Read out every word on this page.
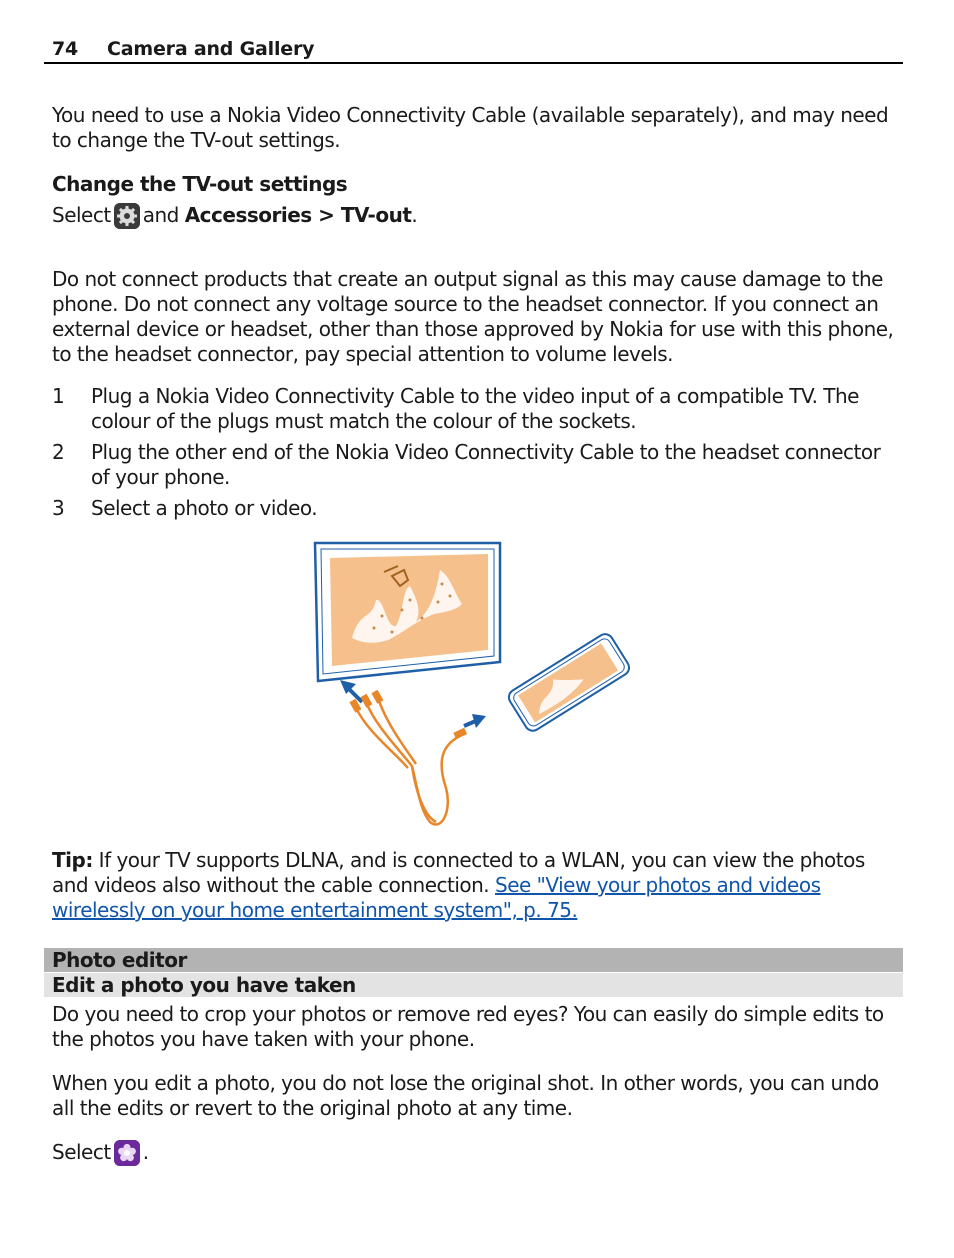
74 Camera and Gallery

You need to use a Nokia Video Connectivity Cable (available separately), and may need to change the TV-out settings.

Change the TV-out settings

Select and Accessories > TV-out.

Do not connect products that create an output signal as this may cause damage to the phone. Do not connect any voltage source to the headset connector. If you connect an external device or headset, other than those approved by Nokia for use with this phone, to the headset connector, pay special attention to volume levels.

1 Plug a Nokia Video Connectivity Cable to the video input of a compatible TV. The colour of the plugs must match the colour of the sockets.
2 Plug the other end of the Nokia Video Connectivity Cable to the headset connector of your phone.
3 Select a photo or video.

Tip: If your TV supports DLNA, and is connected to a WLAN, you can view the photos and videos also without the cable connection. See "View your photos and videos wirelessly on your home entertainment system", p. 75.

Photo editor
Edit a photo you have taken

Do you need to crop your photos or remove red eyes? You can easily do simple edits to the photos you have taken with your phone.

When you edit a photo, you do not lose the original shot. In other words, you can undo all the edits or revert to the original photo at any time.

Select .
